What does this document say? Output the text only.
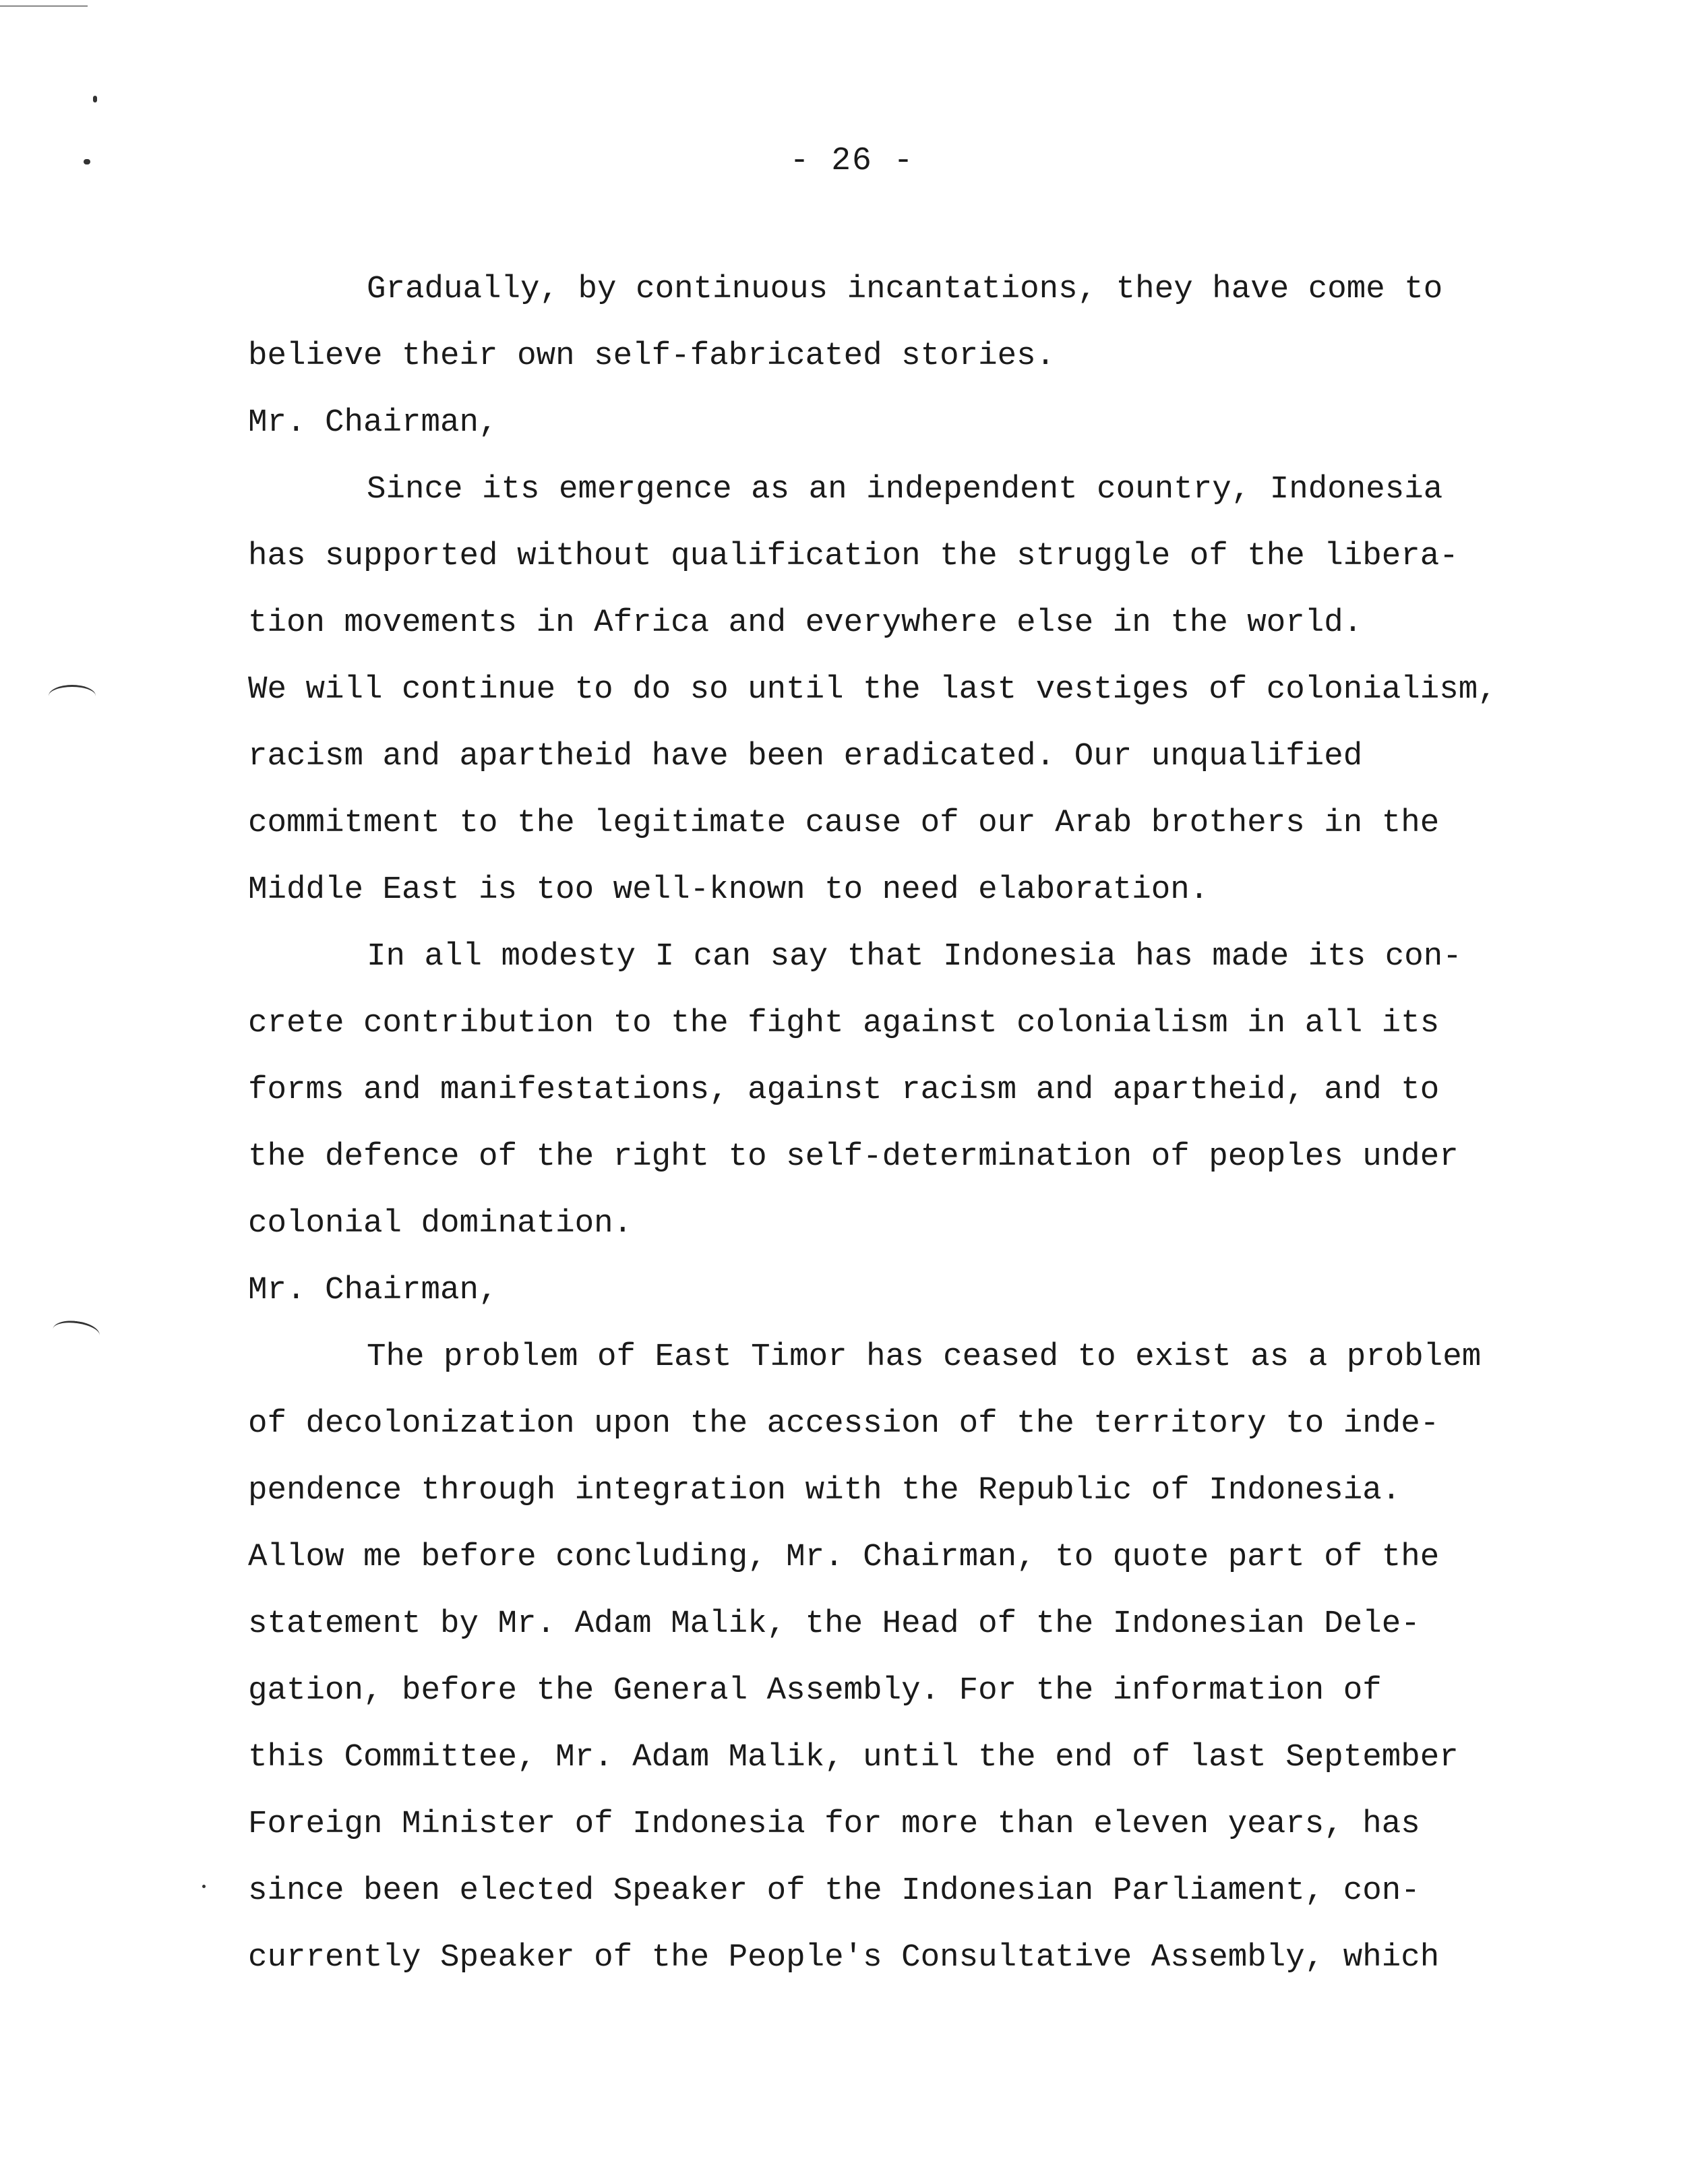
- 26 -
Gradually, by continuous incantations, they have come to
believe their own self-fabricated stories.
Mr. Chairman,
Since its emergence as an independent country, Indonesia
has supported without qualification the struggle of the libera-
tion movements in Africa and everywhere else in the world.
We will continue to do so until the last vestiges of colonialism,
racism and apartheid have been eradicated. Our unqualified
commitment to the legitimate cause of our Arab brothers in the
Middle East is too well-known to need elaboration.
In all modesty I can say that Indonesia has made its con-
crete contribution to the fight against colonialism in all its
forms and manifestations, against racism and apartheid, and to
the defence of the right to self-determination of peoples under
colonial domination.
Mr. Chairman,
The problem of East Timor has ceased to exist as a problem
of decolonization upon the accession of the territory to inde-
pendence through integration with the Republic of Indonesia.
Allow me before concluding, Mr. Chairman, to quote part of the
statement by Mr. Adam Malik, the Head of the Indonesian Dele-
gation, before the General Assembly. For the information of
this Committee, Mr. Adam Malik, until the end of last September
Foreign Minister of Indonesia for more than eleven years, has
since been elected Speaker of the Indonesian Parliament, con-
currently Speaker of the People's Consultative Assembly, which
